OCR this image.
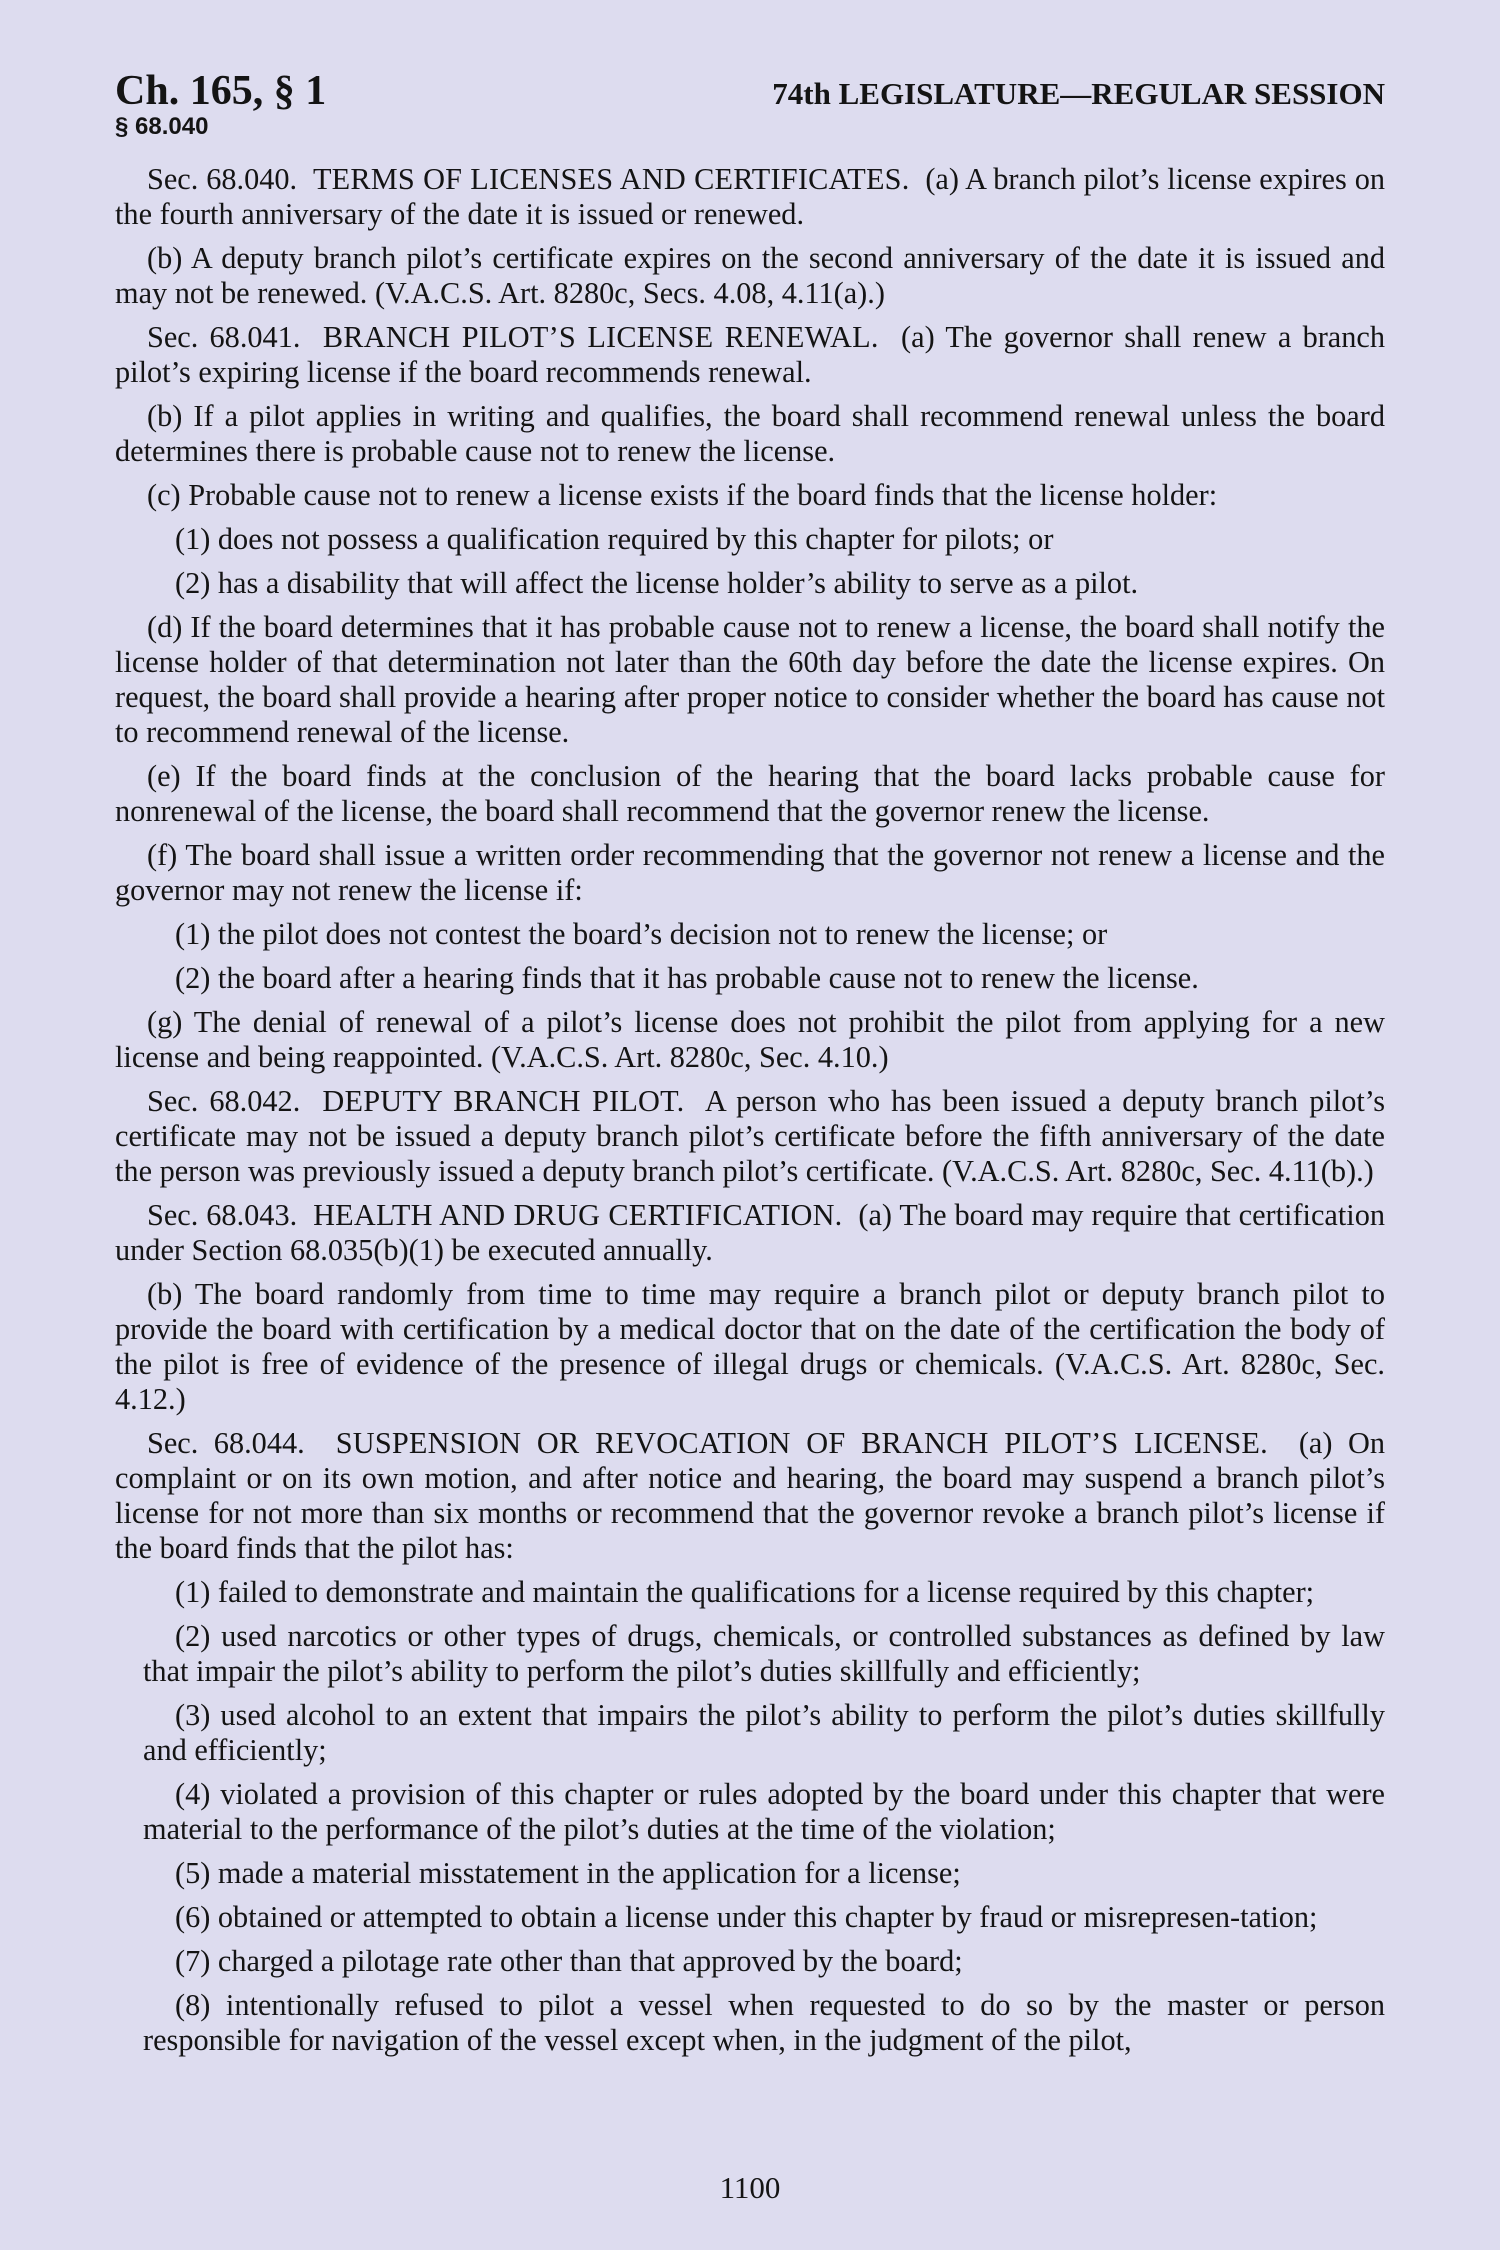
Ch. 165, § 1	74th LEGISLATURE—REGULAR SESSION
§ 68.040

Sec. 68.040. TERMS OF LICENSES AND CERTIFICATES. (a) A branch pilot’s license expires on the fourth anniversary of the date it is issued or renewed.

(b) A deputy branch pilot’s certificate expires on the second anniversary of the date it is issued and may not be renewed. (V.A.C.S. Art. 8280c, Secs. 4.08, 4.11(a).)

Sec. 68.041. BRANCH PILOT’S LICENSE RENEWAL. (a) The governor shall renew a branch pilot’s expiring license if the board recommends renewal.

(b) If a pilot applies in writing and qualifies, the board shall recommend renewal unless the board determines there is probable cause not to renew the license.

(c) Probable cause not to renew a license exists if the board finds that the license holder:

(1) does not possess a qualification required by this chapter for pilots; or

(2) has a disability that will affect the license holder’s ability to serve as a pilot.

(d) If the board determines that it has probable cause not to renew a license, the board shall notify the license holder of that determination not later than the 60th day before the date the license expires. On request, the board shall provide a hearing after proper notice to consider whether the board has cause not to recommend renewal of the license.

(e) If the board finds at the conclusion of the hearing that the board lacks probable cause for nonrenewal of the license, the board shall recommend that the governor renew the license.

(f) The board shall issue a written order recommending that the governor not renew a license and the governor may not renew the license if:

(1) the pilot does not contest the board’s decision not to renew the license; or

(2) the board after a hearing finds that it has probable cause not to renew the license.

(g) The denial of renewal of a pilot’s license does not prohibit the pilot from applying for a new license and being reappointed. (V.A.C.S. Art. 8280c, Sec. 4.10.)

Sec. 68.042. DEPUTY BRANCH PILOT. A person who has been issued a deputy branch pilot’s certificate may not be issued a deputy branch pilot’s certificate before the fifth anniversary of the date the person was previously issued a deputy branch pilot’s certificate. (V.A.C.S. Art. 8280c, Sec. 4.11(b).)

Sec. 68.043. HEALTH AND DRUG CERTIFICATION. (a) The board may require that certification under Section 68.035(b)(1) be executed annually.

(b) The board randomly from time to time may require a branch pilot or deputy branch pilot to provide the board with certification by a medical doctor that on the date of the certification the body of the pilot is free of evidence of the presence of illegal drugs or chemicals. (V.A.C.S. Art. 8280c, Sec. 4.12.)

Sec. 68.044. SUSPENSION OR REVOCATION OF BRANCH PILOT’S LICENSE. (a) On complaint or on its own motion, and after notice and hearing, the board may suspend a branch pilot’s license for not more than six months or recommend that the governor revoke a branch pilot’s license if the board finds that the pilot has:

(1) failed to demonstrate and maintain the qualifications for a license required by this chapter;

(2) used narcotics or other types of drugs, chemicals, or controlled substances as defined by law that impair the pilot’s ability to perform the pilot’s duties skillfully and efficiently;

(3) used alcohol to an extent that impairs the pilot’s ability to perform the pilot’s duties skillfully and efficiently;

(4) violated a provision of this chapter or rules adopted by the board under this chapter that were material to the performance of the pilot’s duties at the time of the violation;

(5) made a material misstatement in the application for a license;

(6) obtained or attempted to obtain a license under this chapter by fraud or misrepresen-tation;

(7) charged a pilotage rate other than that approved by the board;

(8) intentionally refused to pilot a vessel when requested to do so by the master or person responsible for navigation of the vessel except when, in the judgment of the pilot,

1100
